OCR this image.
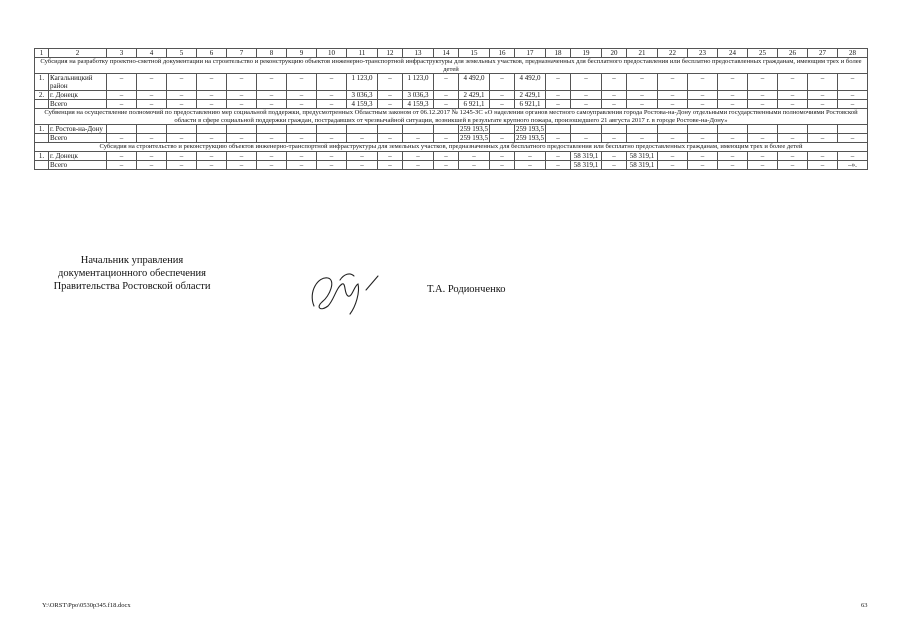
1	2	3	4	5	6	7	8	9	10	11	12	13	14	15	16	17	18	19	20	21	22	23	24	25	26	27	28
Субсидия на разработку проектно-сметной документации на строительство и реконструкцию объектов инженерно-транспортной инфраструктуры для земельных участков, предназначенных для бесплатного предоставления или бесплатно предоставленных гражданам, имеющим трех и более детей																											
1.	Кагальницкий район	–	–	–	–	–	–	–	–	1 123,0	–	1 123,0	–	4 492,0	–	4 492,0	–	–	–	–	–	–	–	–	–	–	–
2.	г. Донецк	–	–	–	–	–	–	–	–	3 036,3	–	3 036,3	–	2 429,1	–	2 429,1	–	–	–	–	–	–	–	–	–	–	–
	Всего	–	–	–	–	–	–	–	–	4 159,3	–	4 159,3	–	6 921,1	–	6 921,1	–	–	–	–	–	–	–	–	–	–	–
Субвенция на осуществление полномочий по предоставлению мер социальной поддержки, предусмотренных Областным законом от 06.12.2017 № 1245-ЗС «О наделении органов местного самоуправления города Ростова-на-Дону отдельными государственными полномочиями Ростовской области в сфере социальной поддержки граждан, пострадавших от чрезвычайной ситуации, возникшей в результате крупного пожара, произошедшего 21 августа 2017 г. в городе Ростове-на-Дону»																											
1.	г. Ростов-на-Дону													259 193,5		259 193,5											
	Всего	–	–	–	–	–	–	–	–	–	–	–	–	259 193,5	–	259 193,5	–	–	–	–	–	–	–	–	–	–	–
Субсидия на строительство и реконструкцию объектов инженерно-транспортной инфраструктуры для земельных участков, предназначенных для бесплатного предоставления или бесплатно предоставленных гражданам, имеющим трех и более детей																											
1.	г. Донецк	–	–	–	–	–	–	–	–	–	–	–	–	–	–	–	–	58 319,1	–	58 319,1	–	–	–	–	–	–	–
	Всего	–	–	–	–	–	–	–	–	–	–	–	–	–	–	–	–	58 319,1	–	58 319,1	–	–	–	–	–	–	–».
Начальник управления
документационного обеспечения
Правительства Ростовской области	Т.А. Родионченко
Y:\ORST\Ppo\0530p345.f18.docx	63
